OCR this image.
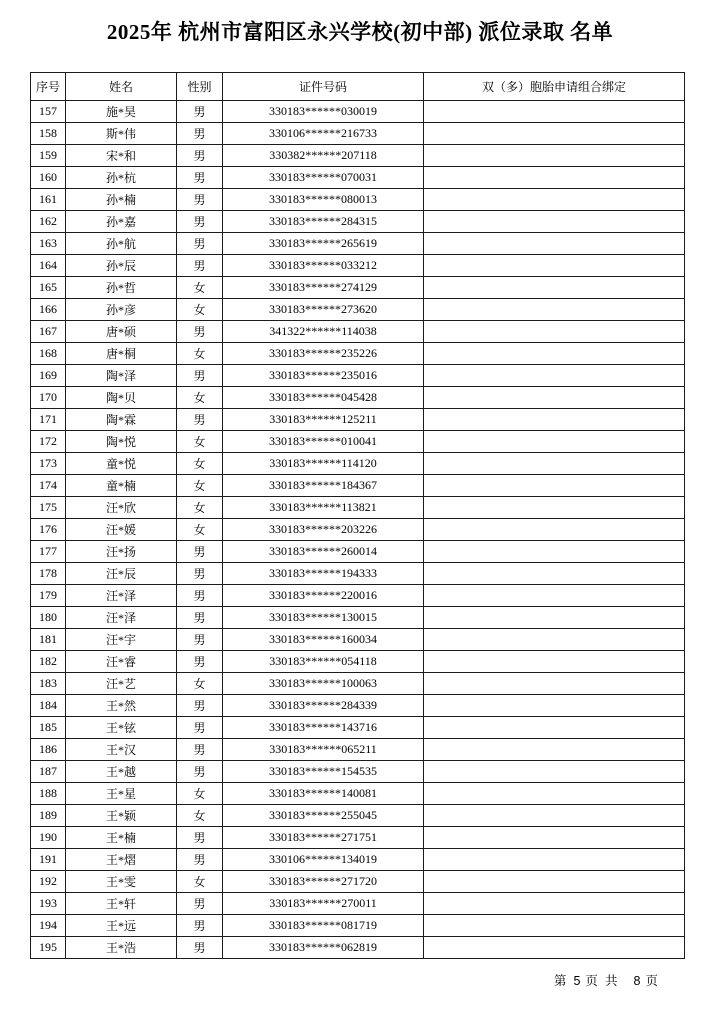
2025年 杭州市富阳区永兴学校(初中部) 派位录取 名单
序号	姓名	性别	证件号码	双（多）胞胎申请组合绑定
157	施*昊	男	330183******030019	
158	斯*伟	男	330106******216733	
159	宋*和	男	330382******207118	
160	孙*杭	男	330183******070031	
161	孙*楠	男	330183******080013	
162	孙*嘉	男	330183******284315	
163	孙*航	男	330183******265619	
164	孙*辰	男	330183******033212	
165	孙*哲	女	330183******274129	
166	孙*彦	女	330183******273620	
167	唐*硕	男	341322******114038	
168	唐*桐	女	330183******235226	
169	陶*泽	男	330183******235016	
170	陶*贝	女	330183******045428	
171	陶*霖	男	330183******125211	
172	陶*悦	女	330183******010041	
173	童*悦	女	330183******114120	
174	童*楠	女	330183******184367	
175	汪*欣	女	330183******113821	
176	汪*媛	女	330183******203226	
177	汪*扬	男	330183******260014	
178	汪*辰	男	330183******194333	
179	汪*泽	男	330183******220016	
180	汪*泽	男	330183******130015	
181	汪*宇	男	330183******160034	
182	汪*睿	男	330183******054118	
183	汪*艺	女	330183******100063	
184	王*然	男	330183******284339	
185	王*铉	男	330183******143716	
186	王*汉	男	330183******065211	
187	王*越	男	330183******154535	
188	王*星	女	330183******140081	
189	王*颖	女	330183******255045	
190	王*楠	男	330183******271751	
191	王*熠	男	330106******134019	
192	王*雯	女	330183******271720	
193	王*轩	男	330183******270011	
194	王*远	男	330183******081719	
195	王*浩	男	330183******062819	
第 5 页 共 8 页
